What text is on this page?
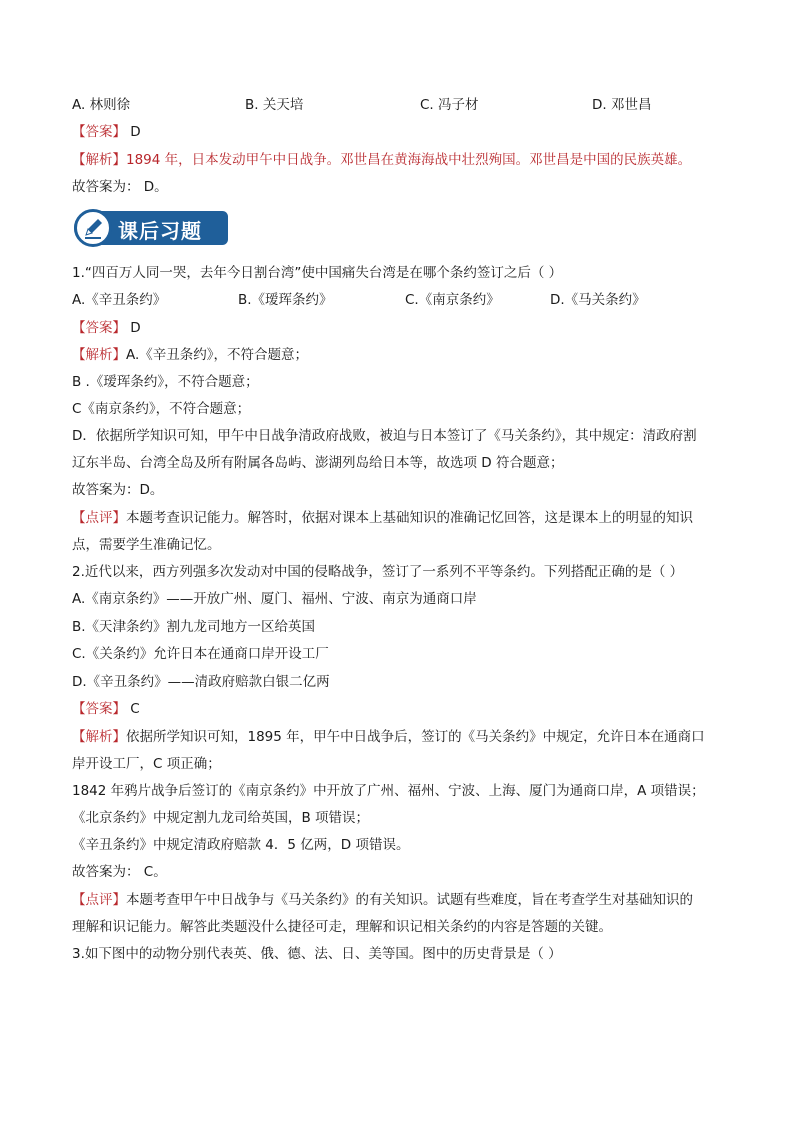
A. 林则徐	B. 关天培	C. 冯子材	D. 邓世昌
【答案】 D
【解析】1894 年，日本发动甲午中日战争。邓世昌在黄海海战中壮烈殉国。邓世昌是中国的民族英雄。
故答案为： D。
课后习题
1.“四百万人同一哭，去年今日割台湾”使中国痛失台湾是在哪个条约签订之后（ ）
A.《辛丑条约》	B.《瑷珲条约》	C.《南京条约》	D.《马关条约》
【答案】 D
【解析】A.《辛丑条约》，不符合题意；
B .《瑷珲条约》，不符合题意；
C《南京条约》，不符合题意；
D．依据所学知识可知，甲午中日战争清政府战败，被迫与日本签订了《马关条约》，其中规定：清政府割
辽东半岛、台湾全岛及所有附属各岛屿、澎湖列岛给日本等，故选项 D 符合题意；
故答案为：D。
【点评】本题考查识记能力。解答时，依据对课本上基础知识的准确记忆回答，这是课本上的明显的知识
点，需要学生准确记忆。
2.近代以来，西方列强多次发动对中国的侵略战争，签订了一系列不平等条约。下列搭配正确的是（ ）
A.《南京条约》——开放广州、厦门、福州、宁波、南京为通商口岸
B.《天津条约》割九龙司地方一区给英国
C.《关条约》允许日本在通商口岸开设工厂
D.《辛丑条约》——清政府赔款白银二亿两
【答案】 C
【解析】依据所学知识可知，1895 年，甲午中日战争后，签订的《马关条约》中规定，允许日本在通商口
岸开设工厂，C 项正确；
1842 年鸦片战争后签订的《南京条约》中开放了广州、福州、宁波、上海、厦门为通商口岸，A 项错误；
《北京条约》中规定割九龙司给英国，B 项错误；
《辛丑条约》中规定清政府赔款 4．5 亿两，D 项错误。
故答案为： C。
【点评】本题考查甲午中日战争与《马关条约》的有关知识。试题有些难度，旨在考查学生对基础知识的
理解和识记能力。解答此类题没什么捷径可走，理解和识记相关条约的内容是答题的关键。
3.如下图中的动物分别代表英、俄、德、法、日、美等国。图中的历史背景是（ ）
